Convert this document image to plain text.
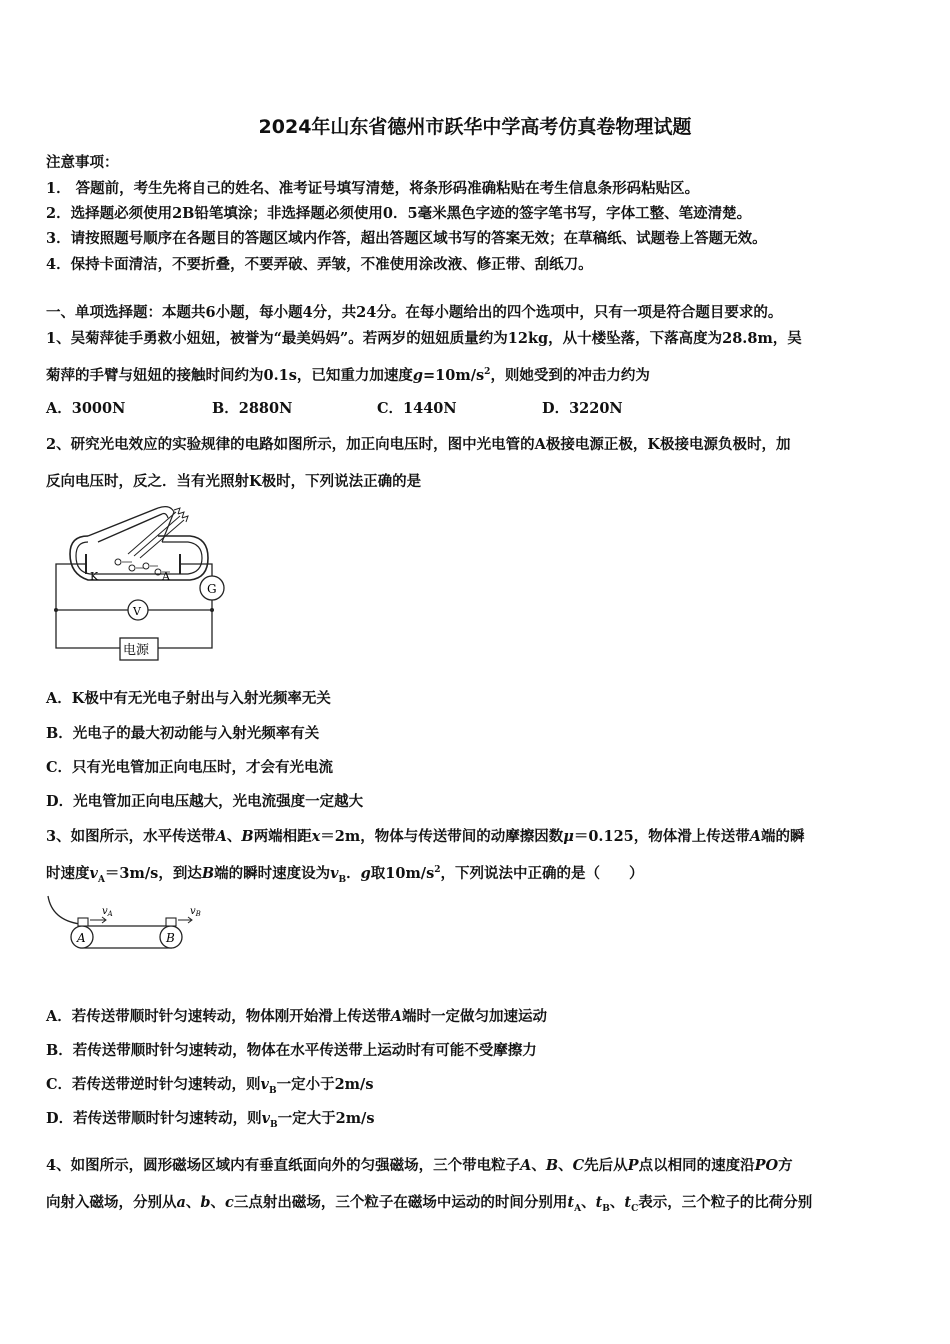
2024年山东省德州市跃华中学高考仿真卷物理试题
注意事项：
1． 答题前，考生先将自己的姓名、准考证号填写清楚，将条形码准确粘贴在考生信息条形码粘贴区。
2．选择题必须使用2B铅笔填涂；非选择题必须使用0．5毫米黑色字迹的签字笔书写，字体工整、笔迹清楚。
3．请按照题号顺序在各题目的答题区域内作答，超出答题区域书写的答案无效；在草稿纸、试题卷上答题无效。
4．保持卡面清洁，不要折叠，不要弄破、弄皱，不准使用涂改液、修正带、刮纸刀。
一、单项选择题：本题共6小题，每小题4分，共24分。在每小题给出的四个选项中，只有一项是符合题目要求的。
1、吴菊萍徒手勇救小妞妞，被誉为“最美妈妈”。若两岁的妞妞质量约为12kg，从十楼坠落，下落高度为28.8m，吴
菊萍的手臂与妞妞的接触时间约为0.1s，已知重力加速度$g=10m/s^2$，则她受到的冲击力约为
A．3000N	B．2880N	C．1440N	D．3220N
2、研究光电效应的实验规律的电路如图所示，加正向电压时，图中光电管的A极接电源正极，K极接电源负极时，加
反向电压时，反之．当有光照射K极时，下列说法正确的是
K	A
G
V
电源
A．K极中有无光电子射出与入射光频率无关
B．光电子的最大初动能与入射光频率有关
C．只有光电管加正向电压时，才会有光电流
D．光电管加正向电压越大，光电流强度一定越大
3、如图所示，水平传送带A、B两端相距x＝2m，物体与传送带间的动摩擦因数μ＝0.125，物体滑上传送带A端的瞬
时速度$v_A=3m/s$，到达B端的瞬时速度设为$v_B$．g取$10m/s^2$，下列说法中正确的是（　　）
A	B
$v_A$	$v_B$
A．若传送带顺时针匀速转动，物体刚开始滑上传送带A端时一定做匀加速运动
B．若传送带顺时针匀速转动，物体在水平传送带上运动时有可能不受摩擦力
C．若传送带逆时针匀速转动，则$v_B$一定小于2m/s
D．若传送带顺时针匀速转动，则$v_B$一定大于2m/s
4、如图所示，圆形磁场区域内有垂直纸面向外的匀强磁场，三个带电粒子A、B、C先后从P点以相同的速度沿PO方
向射入磁场，分别从a、b、c三点射出磁场，三个粒子在磁场中运动的时间分别用$t_A$、$t_B$、$t_C$表示，三个粒子的比荷分别
